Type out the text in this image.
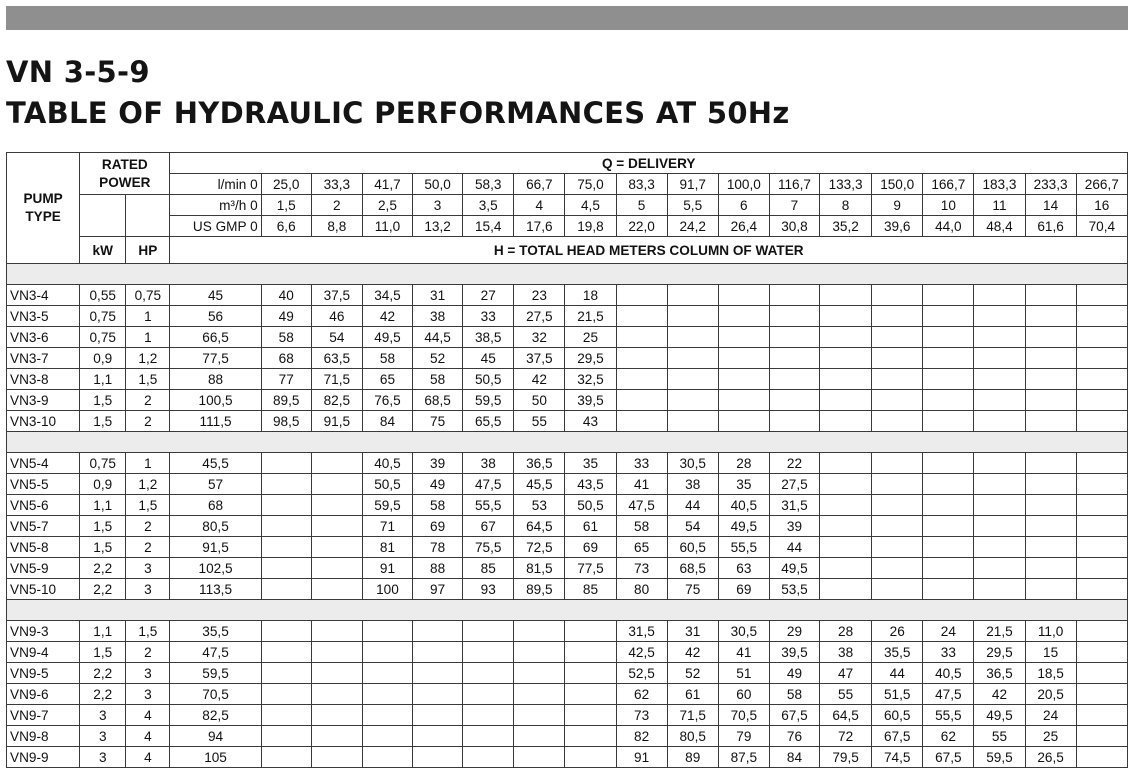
VN 3-5-9
TABLE OF HYDRAULIC PERFORMANCES AT 50Hz
PUMP TYPE	RATED POWER		Q = DELIVERY																	
			l/min 0	25,0	33,3	41,7	50,0	58,3	66,7	75,0	83,3	91,7	100,0	116,7	133,3	150,0	166,7	183,3	233,3	266,7
			m³/h 0	1,5	2	2,5	3	3,5	4	4,5	5	5,5	6	7	8	9	10	11	14	16
			US GMP 0	6,6	8,8	11,0	13,2	15,4	17,6	19,8	22,0	24,2	26,4	30,8	35,2	39,6	44,0	48,4	61,6	70,4
	kW	HP	H = TOTAL HEAD METERS COLUMN OF WATER																	

VN3-4	0,55	0,75	45	40	37,5	34,5	31	27	23	18										
VN3-5	0,75	1	56	49	46	42	38	33	27,5	21,5										
VN3-6	0,75	1	66,5	58	54	49,5	44,5	38,5	32	25										
VN3-7	0,9	1,2	77,5	68	63,5	58	52	45	37,5	29,5										
VN3-8	1,1	1,5	88	77	71,5	65	58	50,5	42	32,5										
VN3-9	1,5	2	100,5	89,5	82,5	76,5	68,5	59,5	50	39,5										
VN3-10	1,5	2	111,5	98,5	91,5	84	75	65,5	55	43										

VN5-4	0,75	1	45,5			40,5	39	38	36,5	35	33	30,5	28	22						
VN5-5	0,9	1,2	57			50,5	49	47,5	45,5	43,5	41	38	35	27,5						
VN5-6	1,1	1,5	68			59,5	58	55,5	53	50,5	47,5	44	40,5	31,5						
VN5-7	1,5	2	80,5			71	69	67	64,5	61	58	54	49,5	39						
VN5-8	1,5	2	91,5			81	78	75,5	72,5	69	65	60,5	55,5	44						
VN5-9	2,2	3	102,5			91	88	85	81,5	77,5	73	68,5	63	49,5						
VN5-10	2,2	3	113,5			100	97	93	89,5	85	80	75	69	53,5						

VN9-3	1,1	1,5	35,5								31,5	31	30,5	29	28	26	24	21,5	11,0	
VN9-4	1,5	2	47,5								42,5	42	41	39,5	38	35,5	33	29,5	15	
VN9-5	2,2	3	59,5								52,5	52	51	49	47	44	40,5	36,5	18,5	
VN9-6	2,2	3	70,5								62	61	60	58	55	51,5	47,5	42	20,5	
VN9-7	3	4	82,5								73	71,5	70,5	67,5	64,5	60,5	55,5	49,5	24	
VN9-8	3	4	94								82	80,5	79	76	72	67,5	62	55	25	
VN9-9	3	4	105								91	89	87,5	84	79,5	74,5	67,5	59,5	26,5	
